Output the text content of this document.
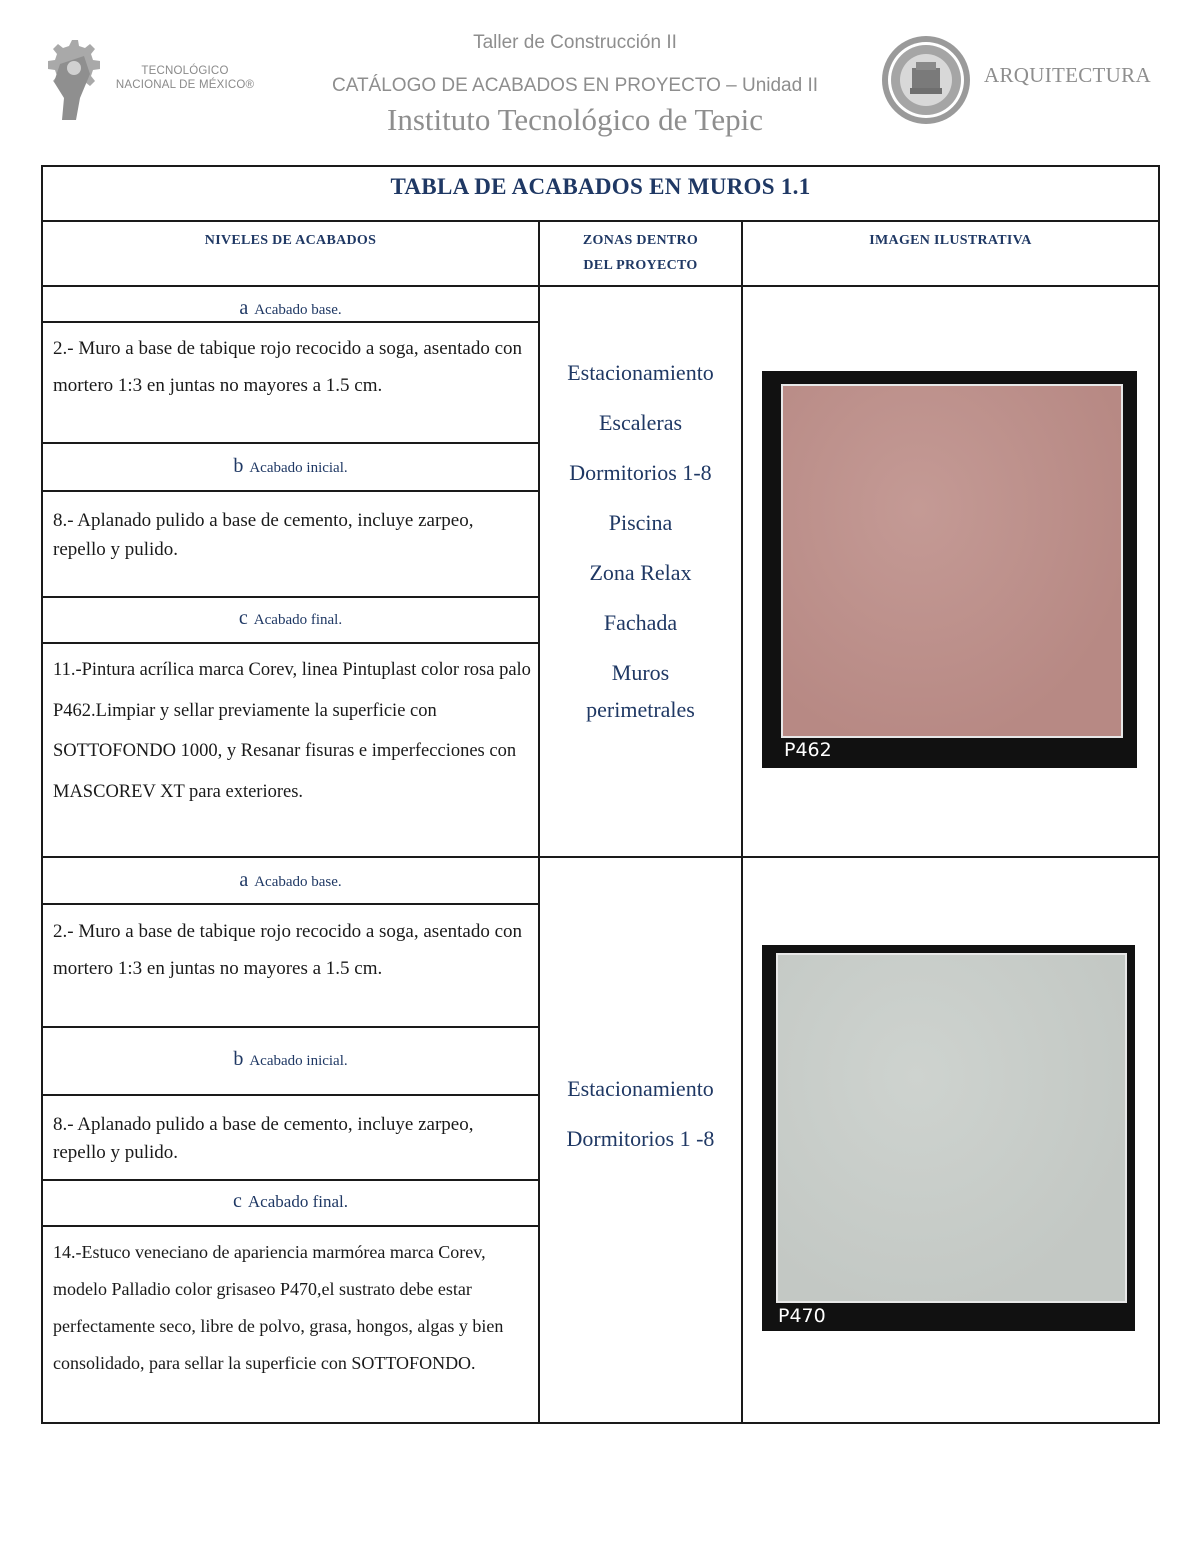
TECNOLÓGICO NACIONAL DE MÉXICO®
Taller de Construcción II
CATÁLOGO DE ACABADOS EN PROYECTO – Unidad II
Instituto Tecnológico de Tepic
ARQUITECTURA
TABLA DE ACABADOS EN MUROS 1.1
NIVELES DE ACABADOS	ZONAS DENTRO
DEL PROYECTO
IMAGEN ILUSTRATIVA
a Acabado base.
2.- Muro a base de tabique rojo recocido a soga, asentado con mortero 1:3 en juntas no mayores a 1.5 cm.
b Acabado inicial.
8.- Aplanado pulido a base de cemento, incluye zarpeo, repello y pulido.
c Acabado final.
11.-Pintura acrílica marca Corev, linea Pintuplast color rosa palo P462.Limpiar y sellar previamente la superficie con SOTTOFONDO 1000, y Resanar fisuras e imperfecciones con MASCOREV XT para exteriores.
Estacionamiento
Escaleras
Dormitorios 1-8
Piscina
Zona Relax
Fachada
Muros
perimetrales
P462
a Acabado base.
2.- Muro a base de tabique rojo recocido a soga, asentado con mortero 1:3 en juntas no mayores a 1.5 cm.
b Acabado inicial.
8.- Aplanado pulido a base de cemento, incluye zarpeo, repello y pulido.
c Acabado final.
14.-Estuco veneciano de apariencia marmórea marca Corev, modelo Palladio color grisaseo P470,el sustrato debe estar perfectamente seco, libre de polvo, grasa, hongos, algas y bien consolidado, para sellar la superficie con SOTTOFONDO.
Estacionamiento
Dormitorios 1 -8
P470
